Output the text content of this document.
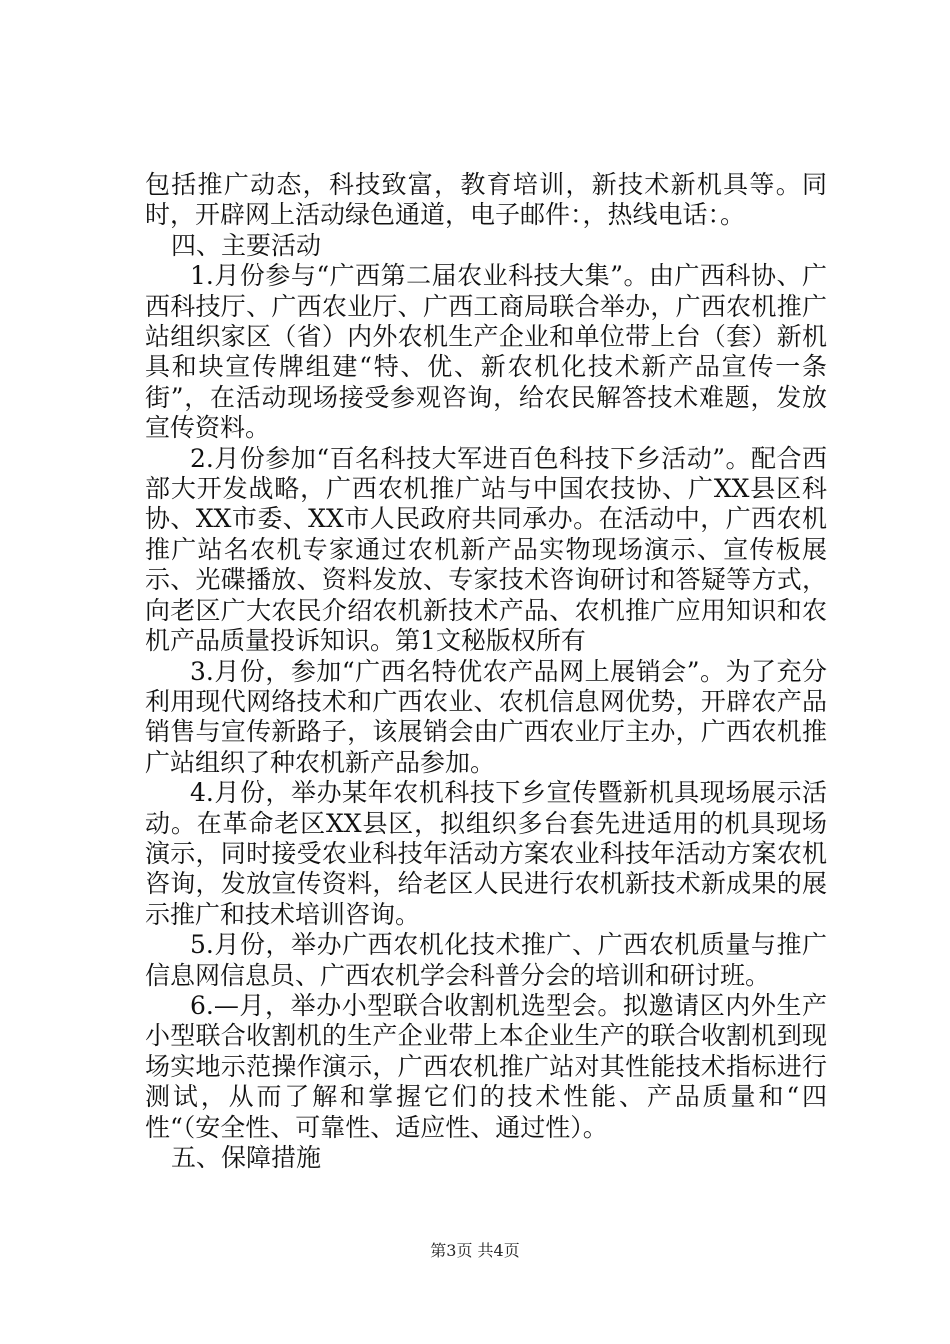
包括推广动态，科技致富，教育培训，新技术新机具等。同时，开辟网上活动绿色通道，电子邮件：，热线电话：。

四、主要活动

1.月份参与“广西第二届农业科技大集”。由广西科协、广西科技厅、广西农业厅、广西工商局联合举办，广西农机推广站组织家区（省）内外农机生产企业和单位带上台（套）新机具和块宣传牌组建“特、优、新农机化技术新产品宣传一条街”，在活动现场接受参观咨询，给农民解答技术难题，发放宣传资料。

2.月份参加“百名科技大军进百色科技下乡活动”。配合西部大开发战略，广西农机推广站与中国农技协、广XX县区科协、XX市委、XX市人民政府共同承办。在活动中，广西农机推广站名农机专家通过农机新产品实物现场演示、宣传板展示、光碟播放、资料发放、专家技术咨询研讨和答疑等方式，向老区广大农民介绍农机新技术产品、农机推广应用知识和农机产品质量投诉知识。第1文秘版权所有

3.月份，参加“广西名特优农产品网上展销会”。为了充分利用现代网络技术和广西农业、农机信息网优势，开辟农产品销售与宣传新路子，该展销会由广西农业厅主办，广西农机推广站组织了种农机新产品参加。

4.月份，举办某年农机科技下乡宣传暨新机具现场展示活动。在革命老区XX县区，拟组织多台套先进适用的机具现场演示，同时接受农业科技年活动方案农业科技年活动方案农机咨询，发放宣传资料，给老区人民进行农机新技术新成果的展示推广和技术培训咨询。

5.月份，举办广西农机化技术推广、广西农机质量与推广信息网信息员、广西农机学会科普分会的培训和研讨班。

6.—月，举办小型联合收割机选型会。拟邀请区内外生产小型联合收割机的生产企业带上本企业生产的联合收割机到现场实地示范操作演示，广西农机推广站对其性能技术指标进行测试，从而了解和掌握它们的技术性能、产品质量和“四性“（安全性、可靠性、适应性、通过性）。

五、保障措施

第3页 共4页
